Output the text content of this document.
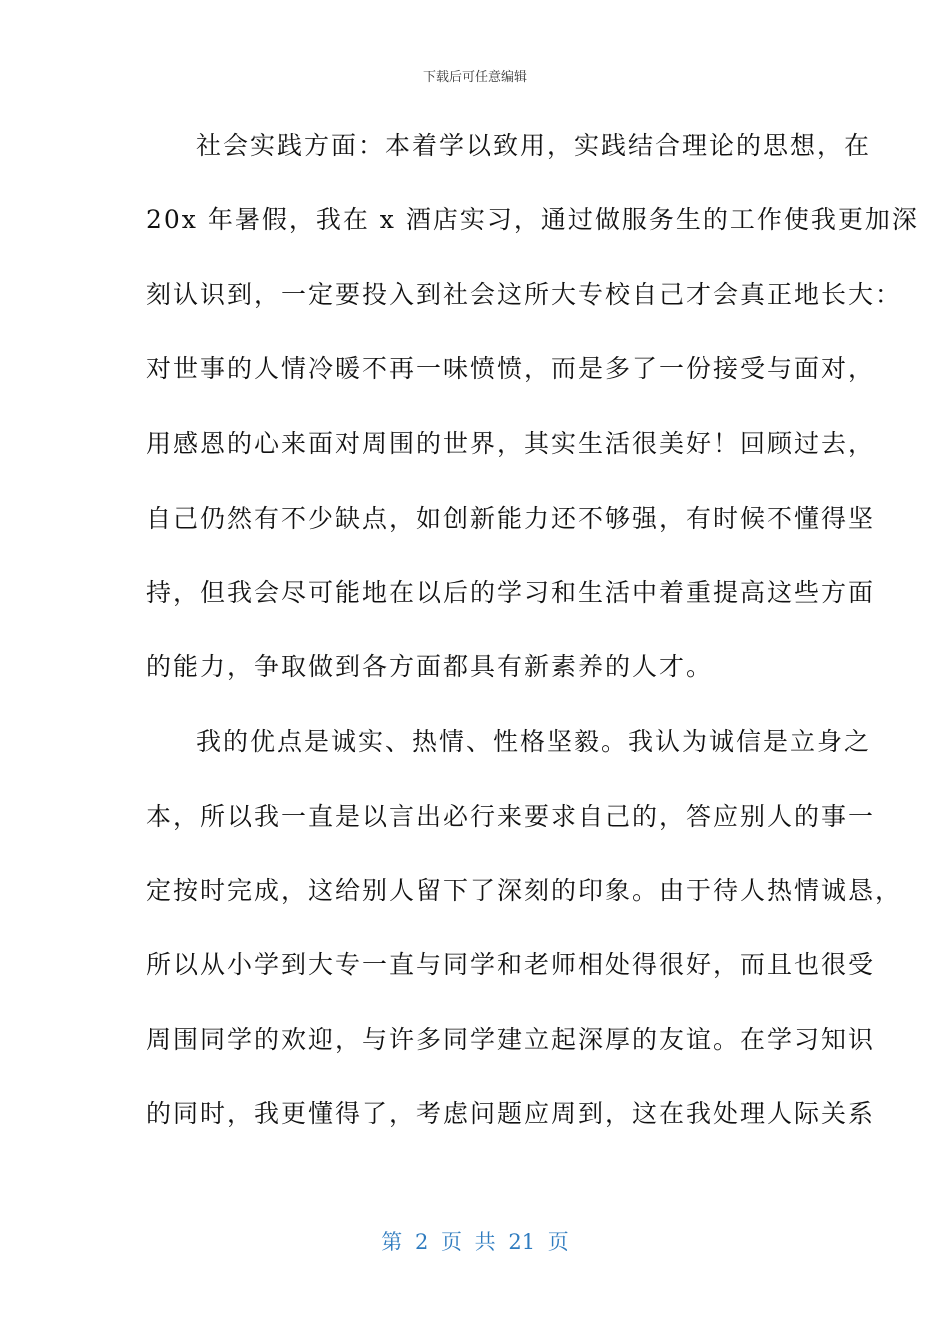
下载后可任意编辑
社会实践方面：本着学以致用，实践结合理论的思想，在
20x 年暑假，我在 x 酒店实习，通过做服务生的工作使我更加深
刻认识到，一定要投入到社会这所大专校自己才会真正地长大：
对世事的人情冷暖不再一味愤愤，而是多了一份接受与面对，
用感恩的心来面对周围的世界，其实生活很美好！回顾过去，
自己仍然有不少缺点，如创新能力还不够强，有时候不懂得坚
持，但我会尽可能地在以后的学习和生活中着重提高这些方面
的能力，争取做到各方面都具有新素养的人才。
我的优点是诚实、热情、性格坚毅。我认为诚信是立身之
本，所以我一直是以言出必行来要求自己的，答应别人的事一
定按时完成，这给别人留下了深刻的印象。由于待人热情诚恳，
所以从小学到大专一直与同学和老师相处得很好，而且也很受
周围同学的欢迎，与许多同学建立起深厚的友谊。在学习知识
的同时，我更懂得了，考虑问题应周到，这在我处理人际关系
第 2 页 共 21 页
